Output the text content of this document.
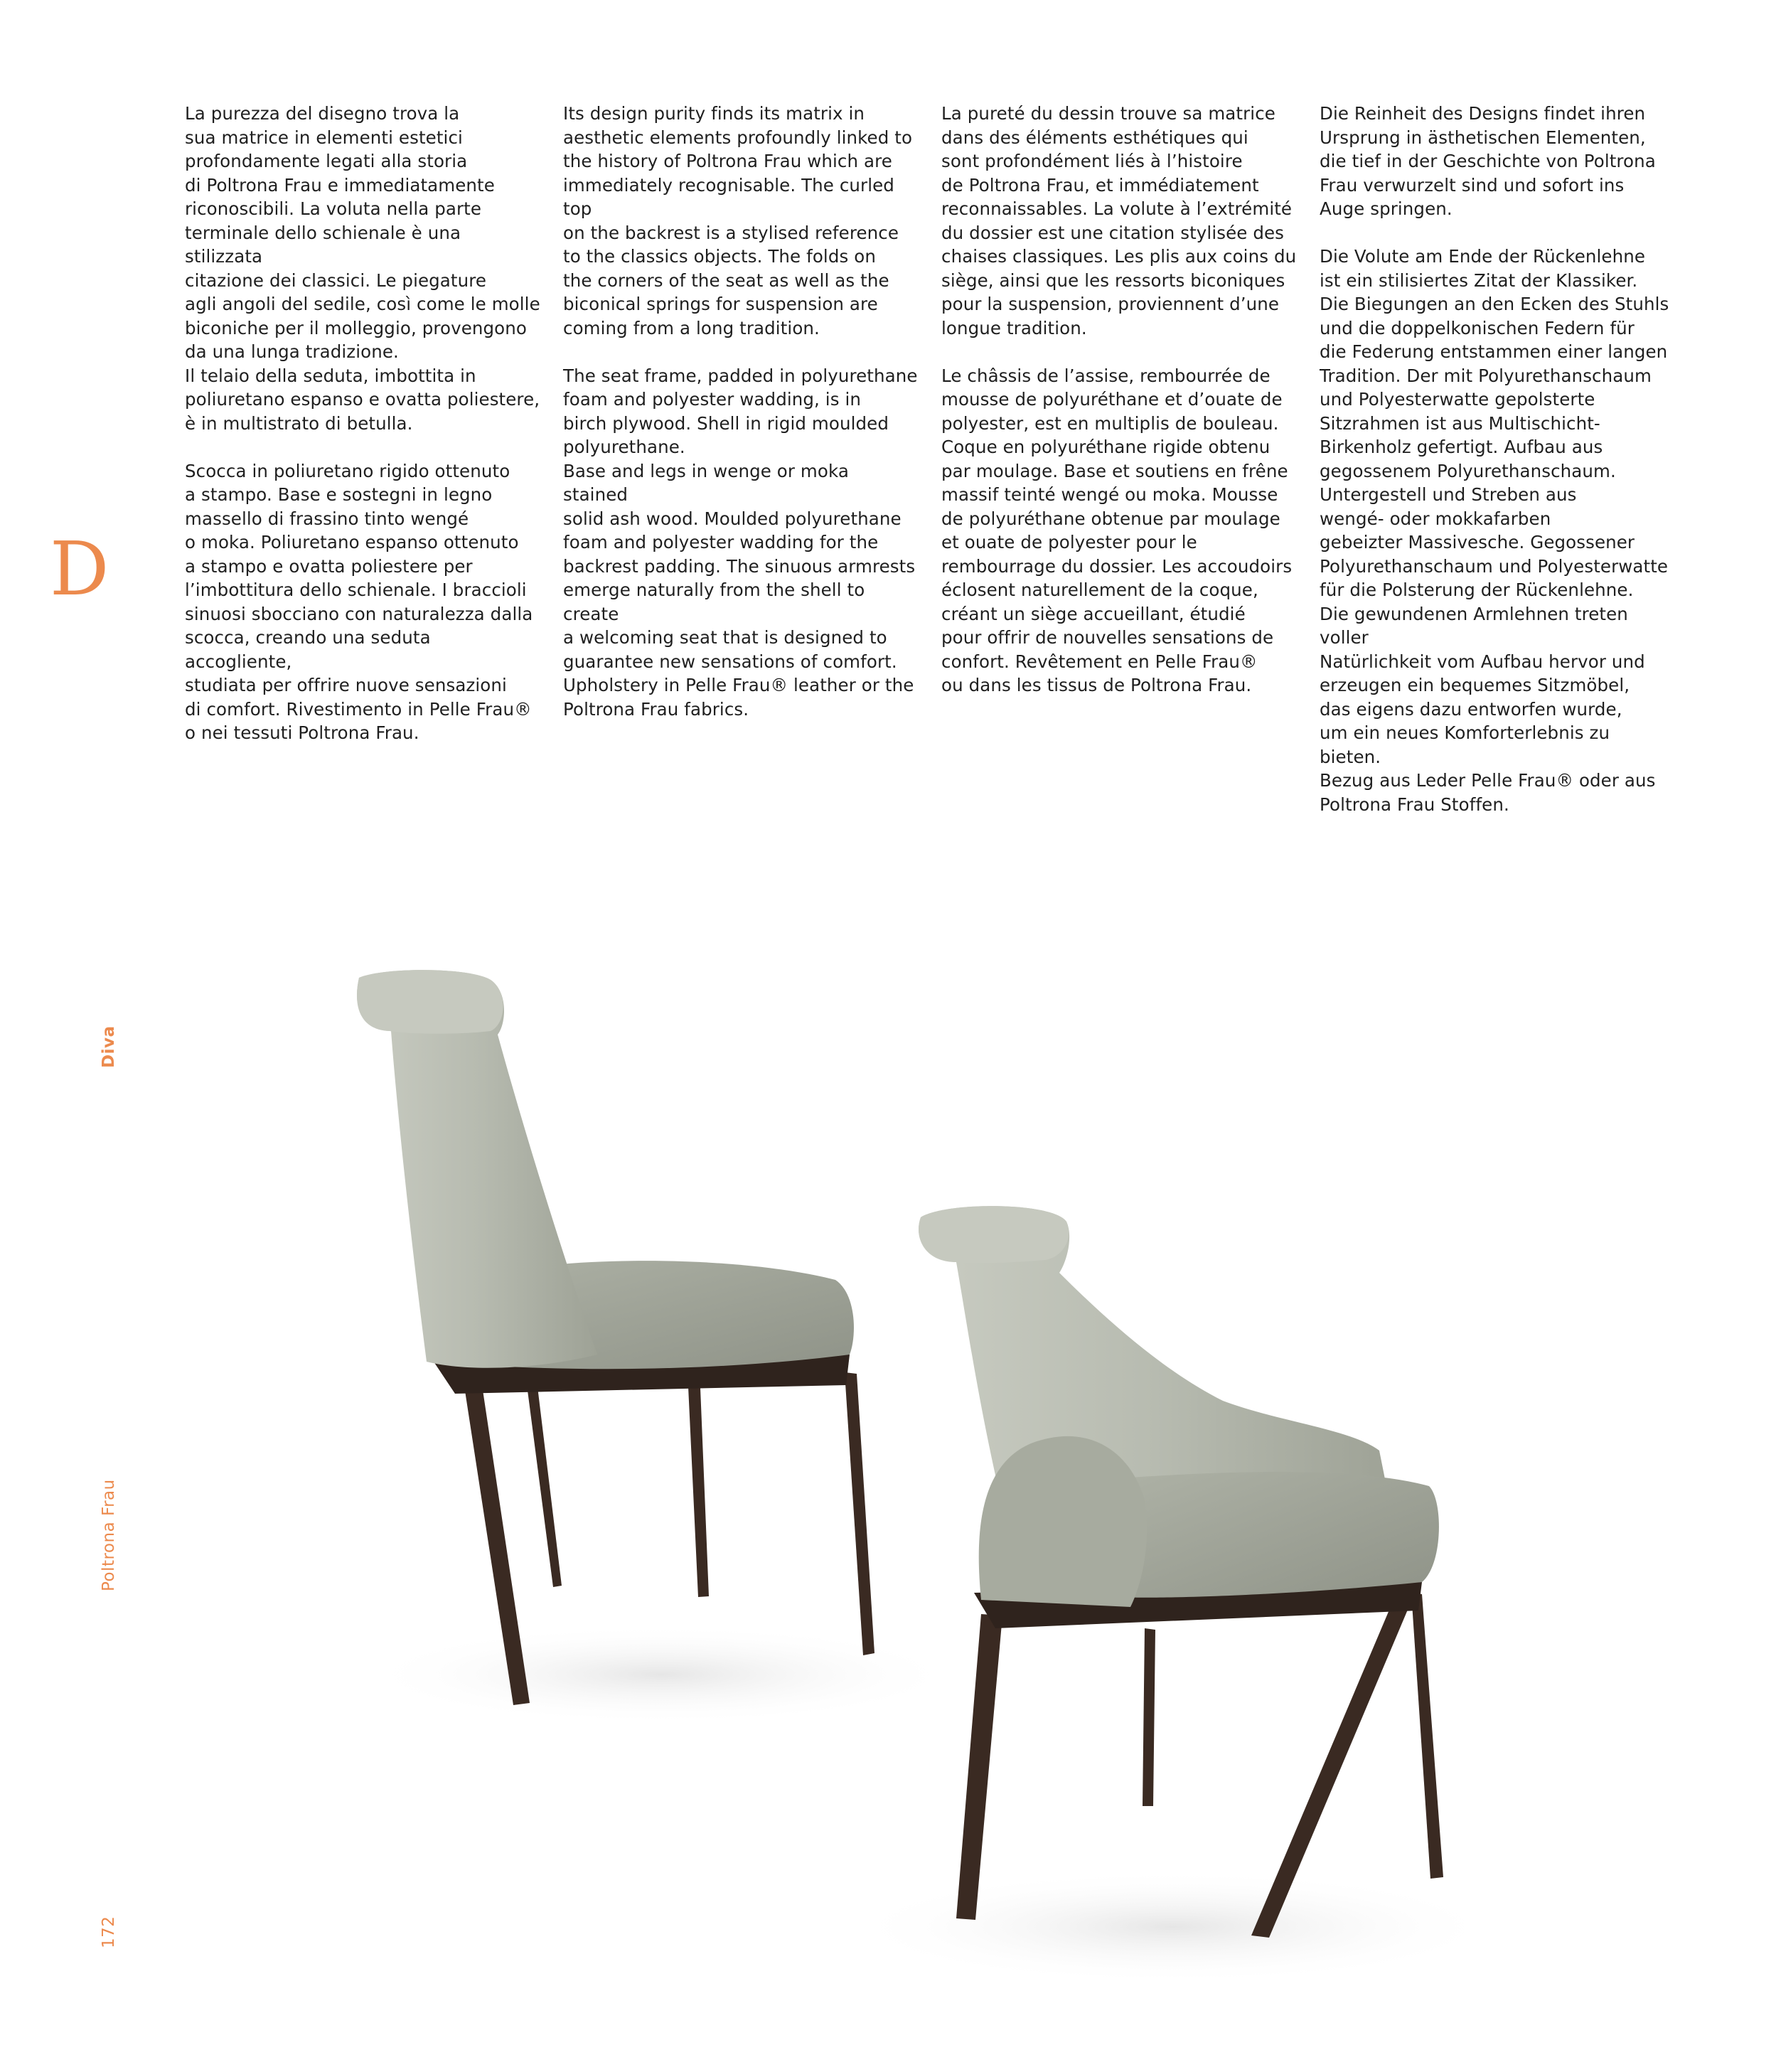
La purezza del disegno trova la
sua matrice in elementi estetici
profondamente legati alla storia
di Poltrona Frau e immediatamente
riconoscibili. La voluta nella parte
terminale dello schienale è una stilizzata
citazione dei classici. Le piegature
agli angoli del sedile, così come le molle
biconiche per il molleggio, provengono
da una lunga tradizione.
Il telaio della seduta, imbottita in
poliuretano espanso e ovatta poliestere,
è in multistrato di betulla.

Scocca in poliuretano rigido ottenuto
a stampo. Base e sostegni in legno
massello di frassino tinto wengé
o moka. Poliuretano espanso ottenuto
a stampo e ovatta poliestere per
l’imbottitura dello schienale. I braccioli
sinuosi sbocciano con naturalezza dalla
scocca, creando una seduta accogliente,
studiata per offrire nuove sensazioni
di comfort. Rivestimento in Pelle Frau®
o nei tessuti Poltrona Frau.

Its design purity finds its matrix in
aesthetic elements profoundly linked to
the history of Poltrona Frau which are
immediately recognisable. The curled top
on the backrest is a stylised reference
to the classics objects. The folds on
the corners of the seat as well as the
biconical springs for suspension are
coming from a long tradition.

The seat frame, padded in polyurethane
foam and polyester wadding, is in
birch plywood. Shell in rigid moulded
polyurethane.
Base and legs in wenge or moka stained
solid ash wood. Moulded polyurethane
foam and polyester wadding for the
backrest padding. The sinuous armrests
emerge naturally from the shell to create
a welcoming seat that is designed to
guarantee new sensations of comfort.
Upholstery in Pelle Frau® leather or the
Poltrona Frau fabrics.

La pureté du dessin trouve sa matrice
dans des éléments esthétiques qui
sont profondément liés à l’histoire
de Poltrona Frau, et immédiatement
reconnaissables. La volute à l’extrémité
du dossier est une citation stylisée des
chaises classiques. Les plis aux coins du
siège, ainsi que les ressorts biconiques
pour la suspension, proviennent d’une
longue tradition.

Le châssis de l’assise, rembourrée de
mousse de polyuréthane et d’ouate de
polyester, est en multiplis de bouleau.
Coque en polyuréthane rigide obtenu
par moulage. Base et soutiens en frêne
massif teinté wengé ou moka. Mousse
de polyuréthane obtenue par moulage
et ouate de polyester pour le
rembourrage du dossier. Les accoudoirs
éclosent naturellement de la coque,
créant un siège accueillant, étudié
pour offrir de nouvelles sensations de
confort. Revêtement en Pelle Frau®
ou dans les tissus de Poltrona Frau.

Die Reinheit des Designs findet ihren
Ursprung in ästhetischen Elementen,
die tief in der Geschichte von Poltrona
Frau verwurzelt sind und sofort ins
Auge springen.

Die Volute am Ende der Rückenlehne
ist ein stilisiertes Zitat der Klassiker.
Die Biegungen an den Ecken des Stuhls
und die doppelkonischen Federn für
die Federung entstammen einer langen
Tradition. Der mit Polyurethanschaum
und Polyesterwatte gepolsterte
Sitzrahmen ist aus Multischicht-
Birkenholz gefertigt. Aufbau aus
gegossenem Polyurethanschaum.
Untergestell und Streben aus
wengé- oder mokkafarben
gebeizter Massivesche. Gegossener
Polyurethanschaum und Polyesterwatte
für die Polsterung der Rückenlehne.
Die gewundenen Armlehnen treten voller
Natürlichkeit vom Aufbau hervor und
erzeugen ein bequemes Sitzmöbel,
das eigens dazu entworfen wurde,
um ein neues Komforterlebnis zu bieten.
Bezug aus Leder Pelle Frau® oder aus
Poltrona Frau Stoffen.

D
Diva
Poltrona Frau
172
